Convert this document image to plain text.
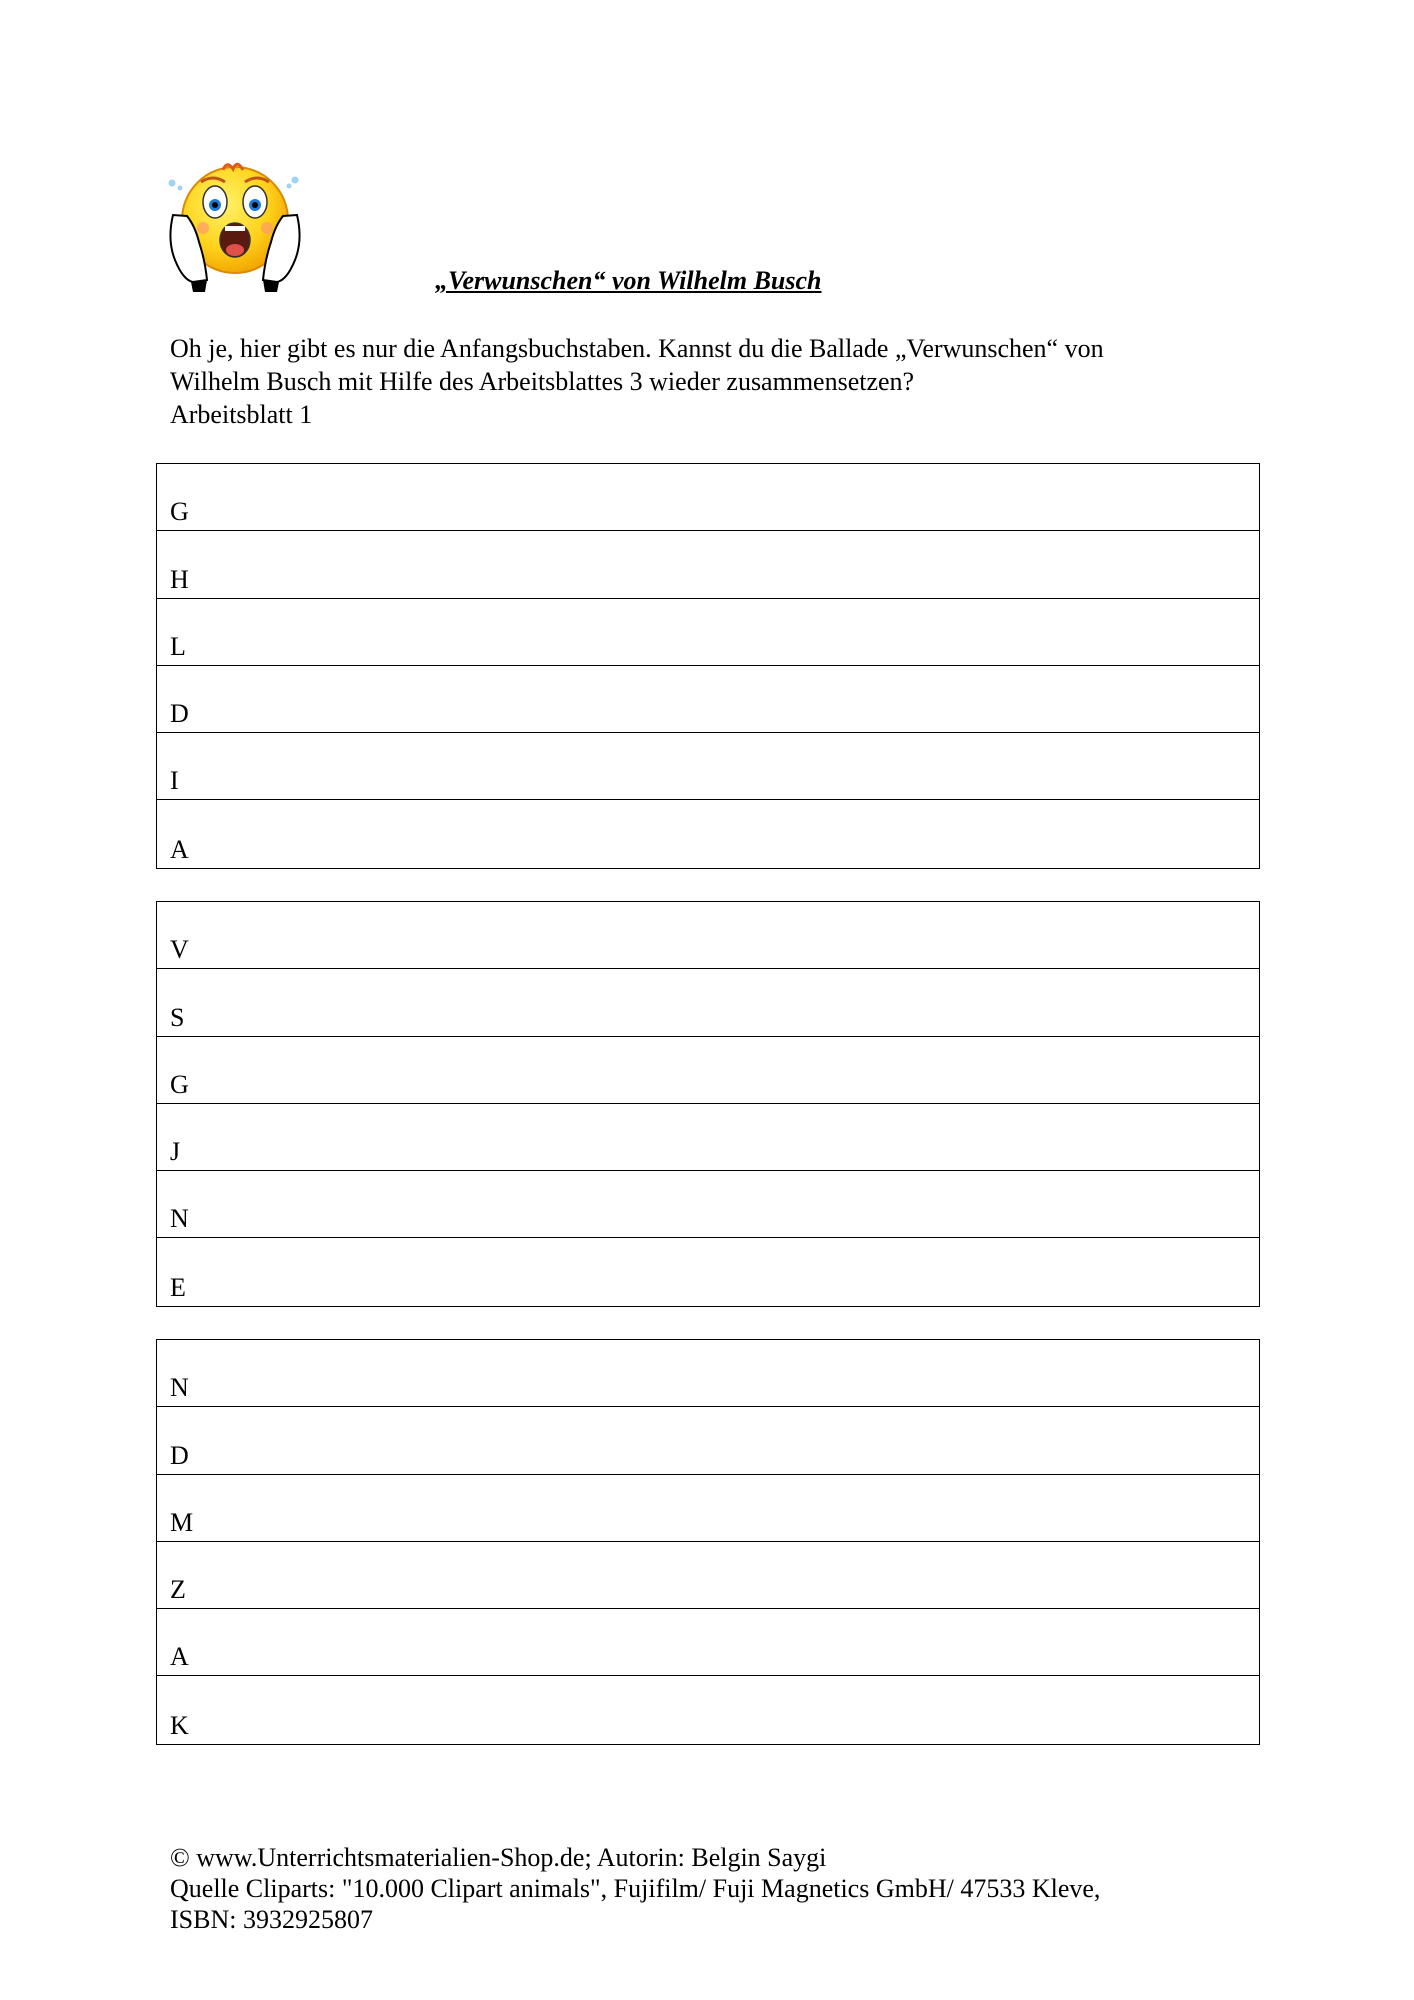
„Verwunschen“ von Wilhelm Busch
Oh je, hier gibt es nur die Anfangsbuchstaben. Kannst du die Ballade „Verwunschen“ von
Wilhelm Busch mit Hilfe des Arbeitsblattes 3 wieder zusammensetzen?
Arbeitsblatt 1
G
H
L
D
I
A
V
S
G
J
N
E
N
D
M
Z
A
K
© www.Unterrichtsmaterialien-Shop.de; Autorin: Belgin Saygi
Quelle Cliparts: "10.000 Clipart animals", Fujifilm/ Fuji Magnetics GmbH/ 47533 Kleve,
ISBN: 3932925807
